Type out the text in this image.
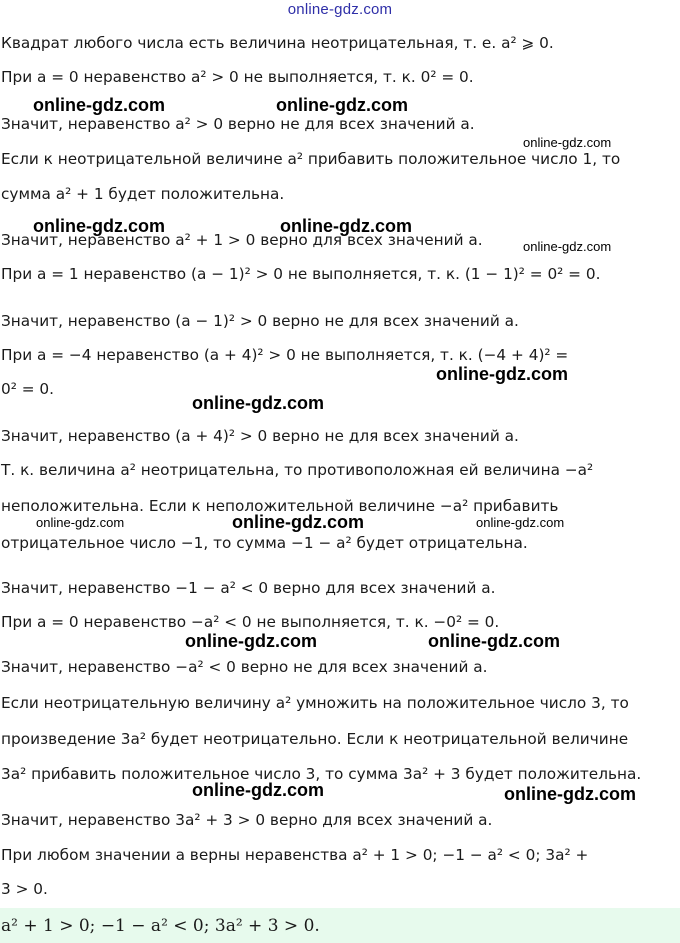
online-gdz.com
Квадрат любого числа есть величина неотрицательная, т. е. a² ⩾ 0.
При a = 0 неравенство a² > 0 не выполняется, т. к. 0² = 0.
Значит, неравенство a² > 0 верно не для всех значений a.
Если к неотрицательной величине a² прибавить положительное число 1, то
сумма a² + 1 будет положительна.
Значит, неравенство a² + 1 > 0 верно для всех значений a.
При a = 1 неравенство (a − 1)² > 0 не выполняется, т. к. (1 − 1)² = 0² = 0.
Значит, неравенство (a − 1)² > 0 верно не для всех значений a.
При a = −4 неравенство (a + 4)² > 0 не выполняется, т. к. (−4 + 4)² =
0² = 0.
Значит, неравенство (a + 4)² > 0 верно не для всех значений a.
Т. к. величина a² неотрицательна, то противоположная ей величина −a²
неположительна. Если к неположительной величине −a² прибавить
отрицательное число −1, то сумма −1 − a² будет отрицательна.
Значит, неравенство −1 − a² < 0 верно для всех значений a.
При a = 0 неравенство −a² < 0 не выполняется, т. к. −0² = 0.
Значит, неравенство −a² < 0 верно не для всех значений a.
Если неотрицательную величину a² умножить на положительное число 3, то
произведение 3a² будет неотрицательно. Если к неотрицательной величине
3a² прибавить положительное число 3, то сумма 3a² + 3 будет положительна.
Значит, неравенство 3a² + 3 > 0 верно для всех значений a.
При любом значении a верны неравенства a² + 1 > 0; −1 − a² < 0; 3a² +
3 > 0.
a² + 1 > 0; −1 − a² < 0; 3a² + 3 > 0.
online-gdz.com	online-gdz.com
online-gdz.com
online-gdz.com	online-gdz.com
online-gdz.com
online-gdz.com
online-gdz.com
online-gdz.com	online-gdz.com	online-gdz.com
online-gdz.com	online-gdz.com
online-gdz.com	online-gdz.com
